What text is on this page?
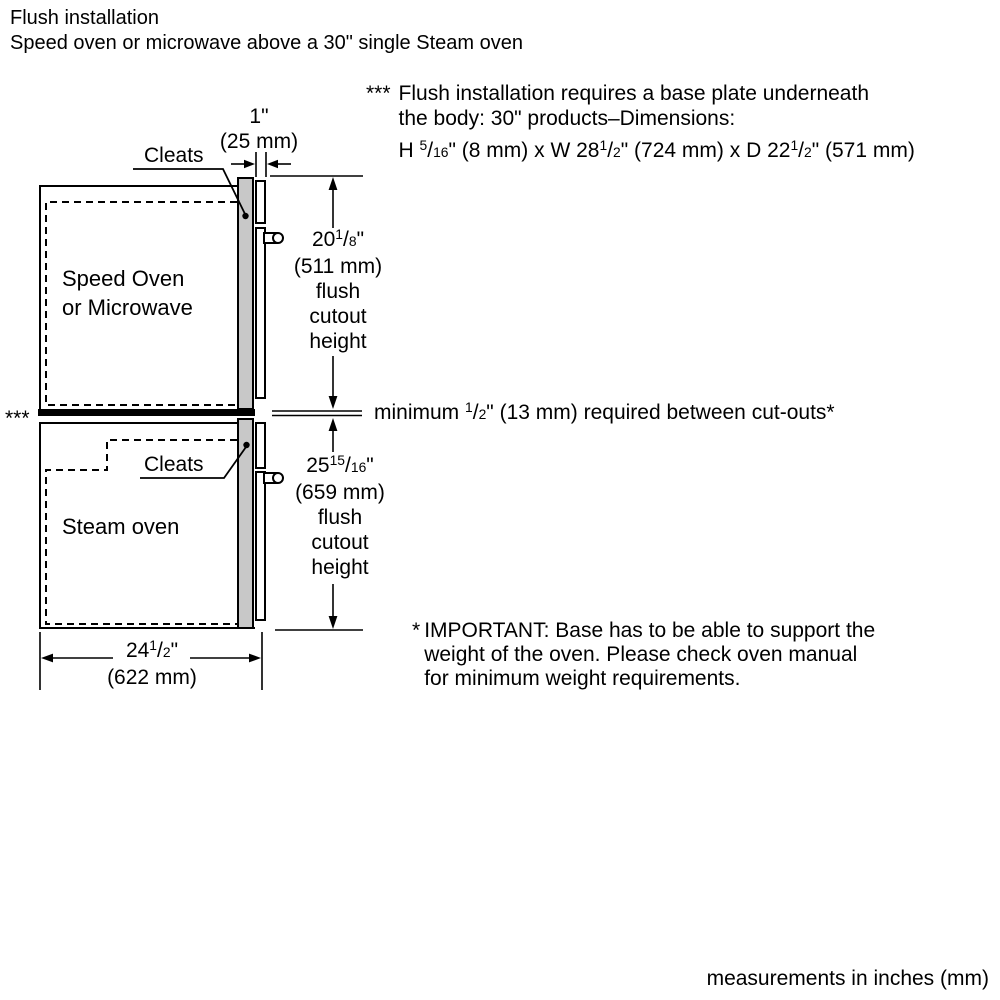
Flush installation
Speed oven or microwave above a 30" single Steam oven
*** Flush installation requires a base plate underneath
the body: 30" products–Dimensions:
H $^5$/16" (8 mm) x W 28$^1$/2" (724 mm) x D 22$^1$/2" (571 mm)
Cleats
Cleats
1"
(25 mm)
Speed Oven
or Microwave
Steam oven
20$^1$/8"
(511 mm)
flush
cutout
height
***	minimum $^1$/2" (13 mm) required between cut-outs*
25$^{15}$/16"
(659 mm)
flush
cutout
height
24$^1$/2"
(622 mm)
* IMPORTANT: Base has to be able to support the
weight of the oven. Please check oven manual
for minimum weight requirements.
measurements in inches (mm)
